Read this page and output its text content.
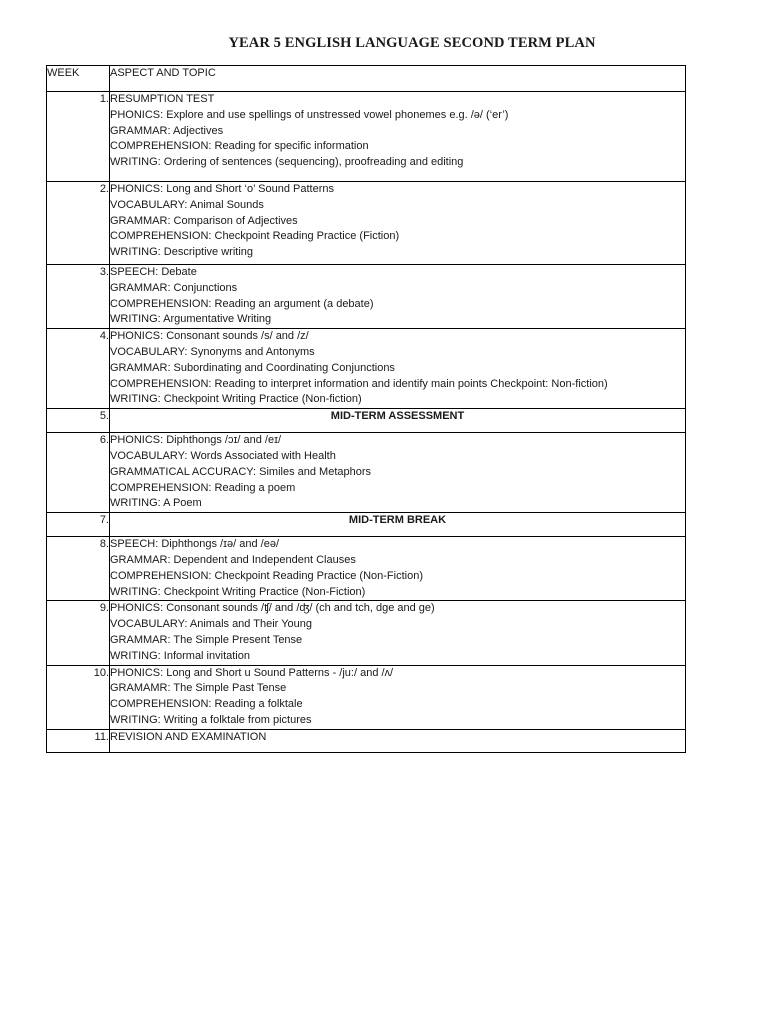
YEAR 5 ENGLISH LANGUAGE SECOND TERM PLAN
WEEK	ASPECT AND TOPIC
1.	RESUMPTION TEST
PHONICS: Explore and use spellings of unstressed vowel phonemes e.g. /ə/ (‘er’)
GRAMMAR: Adjectives
COMPREHENSION: Reading for specific information
WRITING: Ordering of sentences (sequencing), proofreading and editing

2.	PHONICS: Long and Short ‘o’ Sound Patterns
VOCABULARY: Animal Sounds
GRAMMAR: Comparison of Adjectives
COMPREHENSION: Checkpoint Reading Practice (Fiction)
WRITING: Descriptive writing

3.	SPEECH: Debate
GRAMMAR: Conjunctions
COMPREHENSION: Reading an argument (a debate)
WRITING: Argumentative Writing

4.	PHONICS: Consonant sounds /s/ and /z/
VOCABULARY: Synonyms and Antonyms
GRAMMAR: Subordinating and Coordinating Conjunctions
COMPREHENSION: Reading to interpret information and identify main points Checkpoint: Non-fiction)
WRITING: Checkpoint Writing Practice (Non-fiction)

5.	MID-TERM ASSESSMENT
6.	PHONICS: Diphthongs /ɔɪ/ and /eɪ/
VOCABULARY: Words Associated with Health
GRAMMATICAL ACCURACY: Similes and Metaphors
COMPREHENSION: Reading a poem
WRITING: A Poem

7.	MID-TERM BREAK
8.	SPEECH: Diphthongs /ɪə/ and /eə/
GRAMMAR: Dependent and Independent Clauses
COMPREHENSION: Checkpoint Reading Practice (Non-Fiction)
WRITING: Checkpoint Writing Practice (Non-Fiction)

9.	PHONICS: Consonant sounds /ʧ/ and /ʤ/ (ch and tch, dge and ge)
VOCABULARY: Animals and Their Young
GRAMMAR: The Simple Present Tense
WRITING: Informal invitation

10.	PHONICS: Long and Short u Sound Patterns - /ju:/ and /ʌ/
GRAMAMR: The Simple Past Tense
COMPREHENSION: Reading a folktale
WRITING: Writing a folktale from pictures

11.	REVISION AND EXAMINATION
